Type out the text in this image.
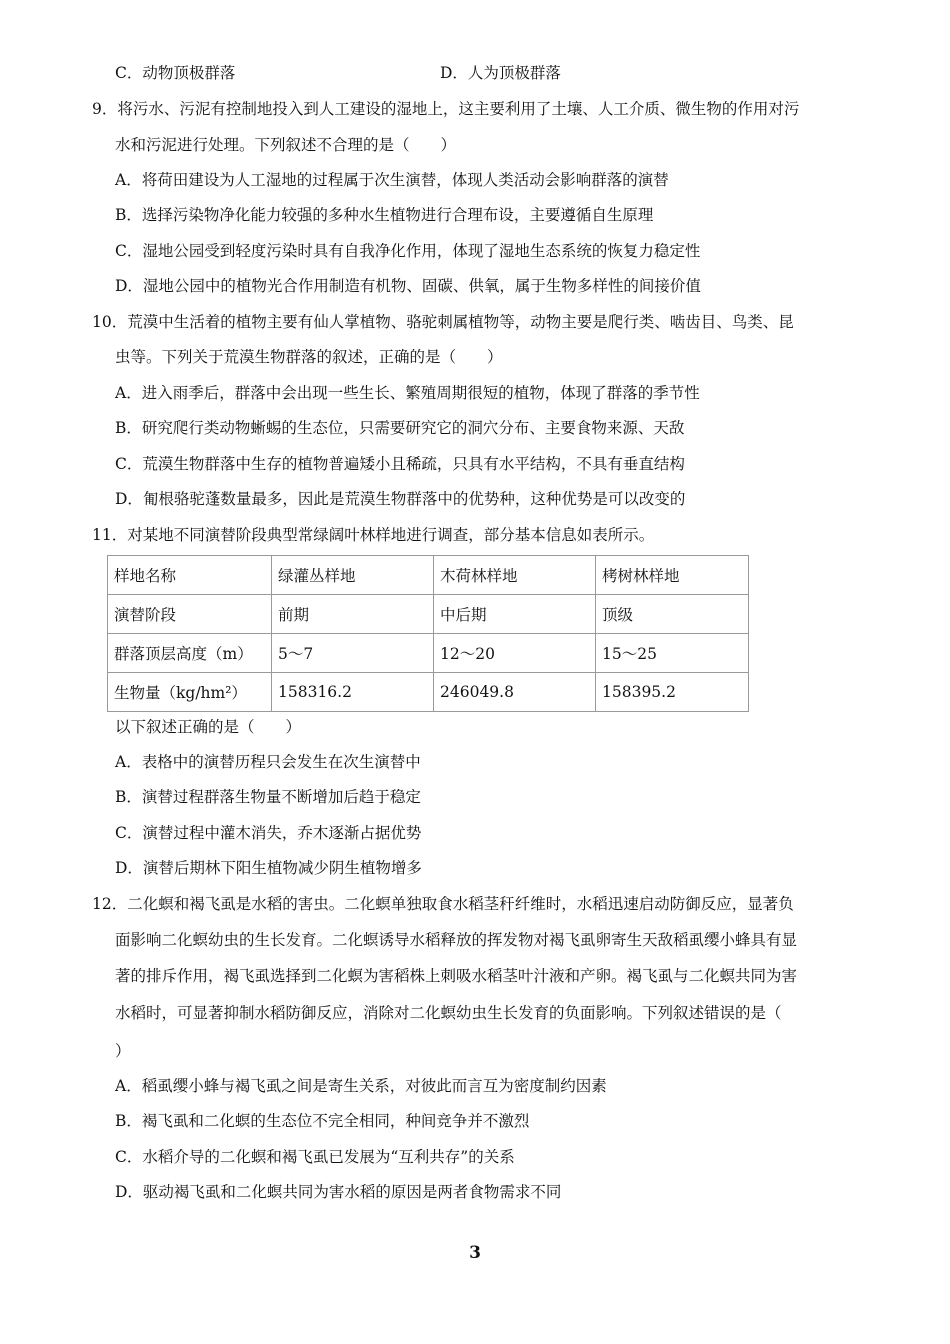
C．动物顶极群落	D．人为顶极群落
9．将污水、污泥有控制地投入到人工建设的湿地上，这主要利用了土壤、人工介质、微生物的作用对污
水和污泥进行处理。下列叙述不合理的是（　　）
A．将荷田建设为人工湿地的过程属于次生演替，体现人类活动会影响群落的演替
B．选择污染物净化能力较强的多种水生植物进行合理布设，主要遵循自生原理
C．湿地公园受到轻度污染时具有自我净化作用，体现了湿地生态系统的恢复力稳定性
D．湿地公园中的植物光合作用制造有机物、固碳、供氧，属于生物多样性的间接价值
10．荒漠中生活着的植物主要有仙人掌植物、骆驼刺属植物等，动物主要是爬行类、啮齿目、鸟类、昆
虫等。下列关于荒漠生物群落的叙述，正确的是（　　）
A．进入雨季后，群落中会出现一些生长、繁殖周期很短的植物，体现了群落的季节性
B．研究爬行类动物蜥蜴的生态位，只需要研究它的洞穴分布、主要食物来源、天敌
C．荒漠生物群落中生存的植物普遍矮小且稀疏，只具有水平结构，不具有垂直结构
D．匍根骆驼蓬数量最多，因此是荒漠生物群落中的优势种，这种优势是可以改变的
11．对某地不同演替阶段典型常绿阔叶林样地进行调查，部分基本信息如表所示。
样地名称	绿灌丛样地	木荷林样地	栲树林样地
演替阶段	前期	中后期	顶级
群落顶层高度（m）	5～7	12～20	15～25
生物量（kg/hm²）	158316.2	246049.8	158395.2
以下叙述正确的是（　　）
A．表格中的演替历程只会发生在次生演替中
B．演替过程群落生物量不断增加后趋于稳定
C．演替过程中灌木消失，乔木逐渐占据优势
D．演替后期林下阳生植物减少阴生植物增多
12．二化螟和褐飞虱是水稻的害虫。二化螟单独取食水稻茎秆纤维时，水稻迅速启动防御反应，显著负
面影响二化螟幼虫的生长发育。二化螟诱导水稻释放的挥发物对褐飞虱卵寄生天敌稻虱缨小蜂具有显
著的排斥作用，褐飞虱选择到二化螟为害稻株上刺吸水稻茎叶汁液和产卵。褐飞虱与二化螟共同为害
水稻时，可显著抑制水稻防御反应，消除对二化螟幼虫生长发育的负面影响。下列叙述错误的是（
）
A．稻虱缨小蜂与褐飞虱之间是寄生关系，对彼此而言互为密度制约因素
B．褐飞虱和二化螟的生态位不完全相同，种间竞争并不激烈
C．水稻介导的二化螟和褐飞虱已发展为“互利共存”的关系
D．驱动褐飞虱和二化螟共同为害水稻的原因是两者食物需求不同
3
